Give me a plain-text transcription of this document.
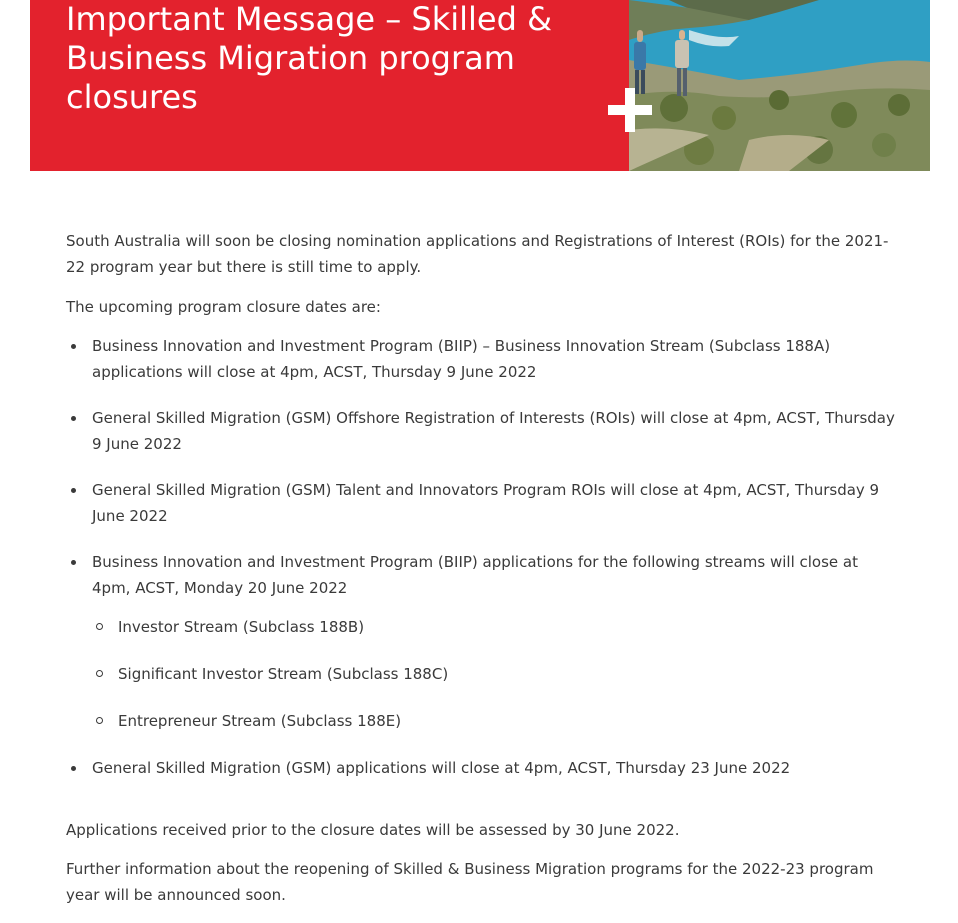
Important Message – Skilled & Business Migration program closures

South Australia will soon be closing nomination applications and Registrations of Interest (ROIs) for the 2021-22 program year but there is still time to apply.

The upcoming program closure dates are:

Business Innovation and Investment Program (BIIP) – Business Innovation Stream (Subclass 188A) applications will close at 4pm, ACST, Thursday 9 June 2022
General Skilled Migration (GSM) Offshore Registration of Interests (ROIs) will close at 4pm, ACST, Thursday 9 June 2022
General Skilled Migration (GSM) Talent and Innovators Program ROIs will close at 4pm, ACST, Thursday 9 June 2022
Business Innovation and Investment Program (BIIP) applications for the following streams will close at 4pm, ACST, Monday 20 June 2022
Investor Stream (Subclass 188B)
Significant Investor Stream (Subclass 188C)
Entrepreneur Stream (Subclass 188E)
General Skilled Migration (GSM) applications will close at 4pm, ACST, Thursday 23 June 2022

Applications received prior to the closure dates will be assessed by 30 June 2022.

Further information about the reopening of Skilled & Business Migration programs for the 2022-23 program year will be announced soon.
